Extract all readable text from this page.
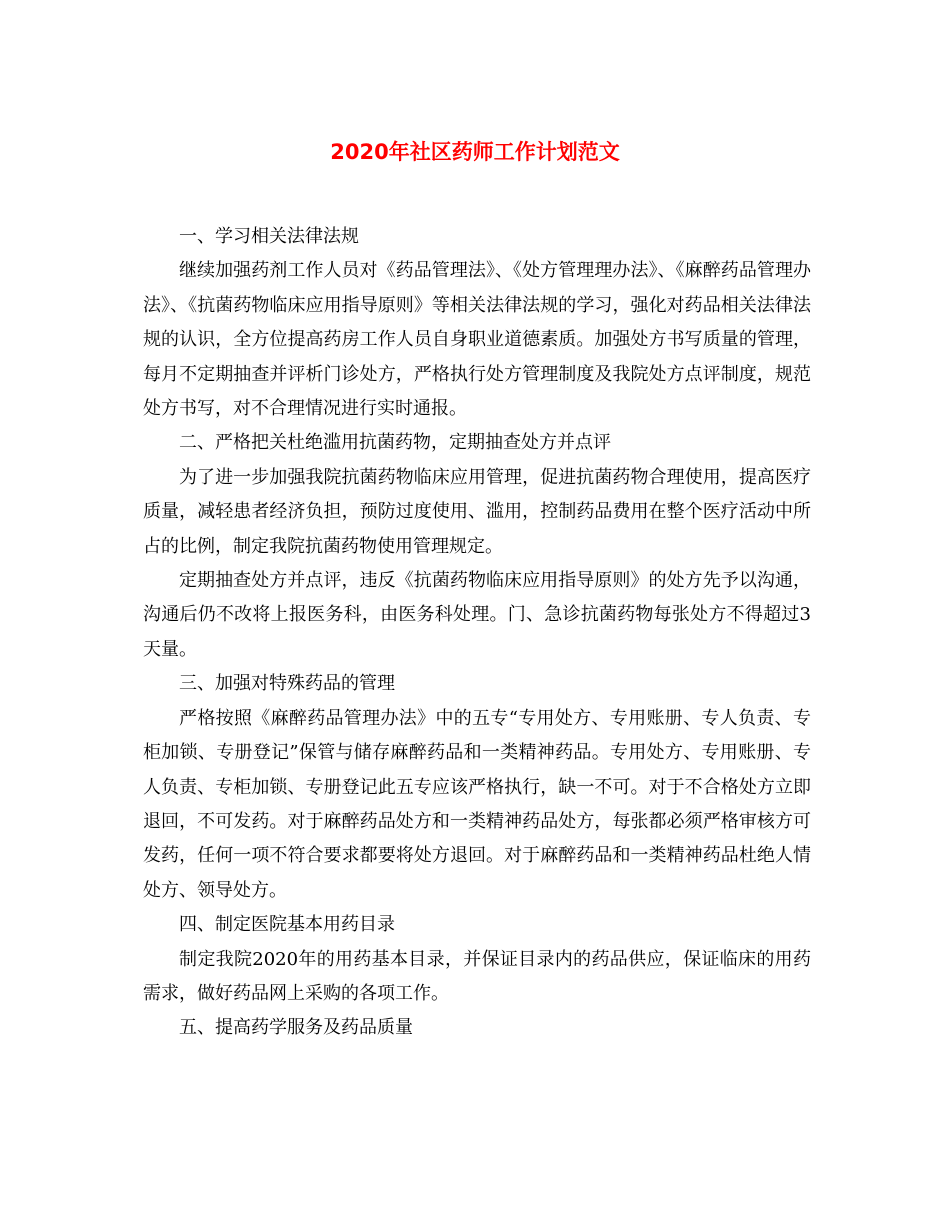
2020年社区药师工作计划范文

一、学习相关法律法规

继续加强药剂工作人员对《药品管理法》、《处方管理理办法》、《麻醉药品管理办法》、《抗菌药物临床应用指导原则》等相关法律法规的学习，强化对药品相关法律法规的认识，全方位提高药房工作人员自身职业道德素质。加强处方书写质量的管理，每月不定期抽查并评析门诊处方，严格执行处方管理制度及我院处方点评制度，规范处方书写，对不合理情况进行实时通报。

二、严格把关杜绝滥用抗菌药物，定期抽查处方并点评

为了进一步加强我院抗菌药物临床应用管理，促进抗菌药物合理使用，提高医疗质量，减轻患者经济负担，预防过度使用、滥用，控制药品费用在整个医疗活动中所占的比例，制定我院抗菌药物使用管理规定。

定期抽查处方并点评，违反《抗菌药物临床应用指导原则》的处方先予以沟通，沟通后仍不改将上报医务科，由医务科处理。门、急诊抗菌药物每张处方不得超过3天量。

三、加强对特殊药品的管理

严格按照《麻醉药品管理办法》中的五专“专用处方、专用账册、专人负责、专柜加锁、专册登记”保管与储存麻醉药品和一类精神药品。专用处方、专用账册、专人负责、专柜加锁、专册登记此五专应该严格执行，缺一不可。对于不合格处方立即退回，不可发药。对于麻醉药品处方和一类精神药品处方，每张都必须严格审核方可发药，任何一项不符合要求都要将处方退回。对于麻醉药品和一类精神药品杜绝人情处方、领导处方。

四、制定医院基本用药目录

制定我院2020年的用药基本目录，并保证目录内的药品供应，保证临床的用药需求，做好药品网上采购的各项工作。

五、提高药学服务及药品质量
